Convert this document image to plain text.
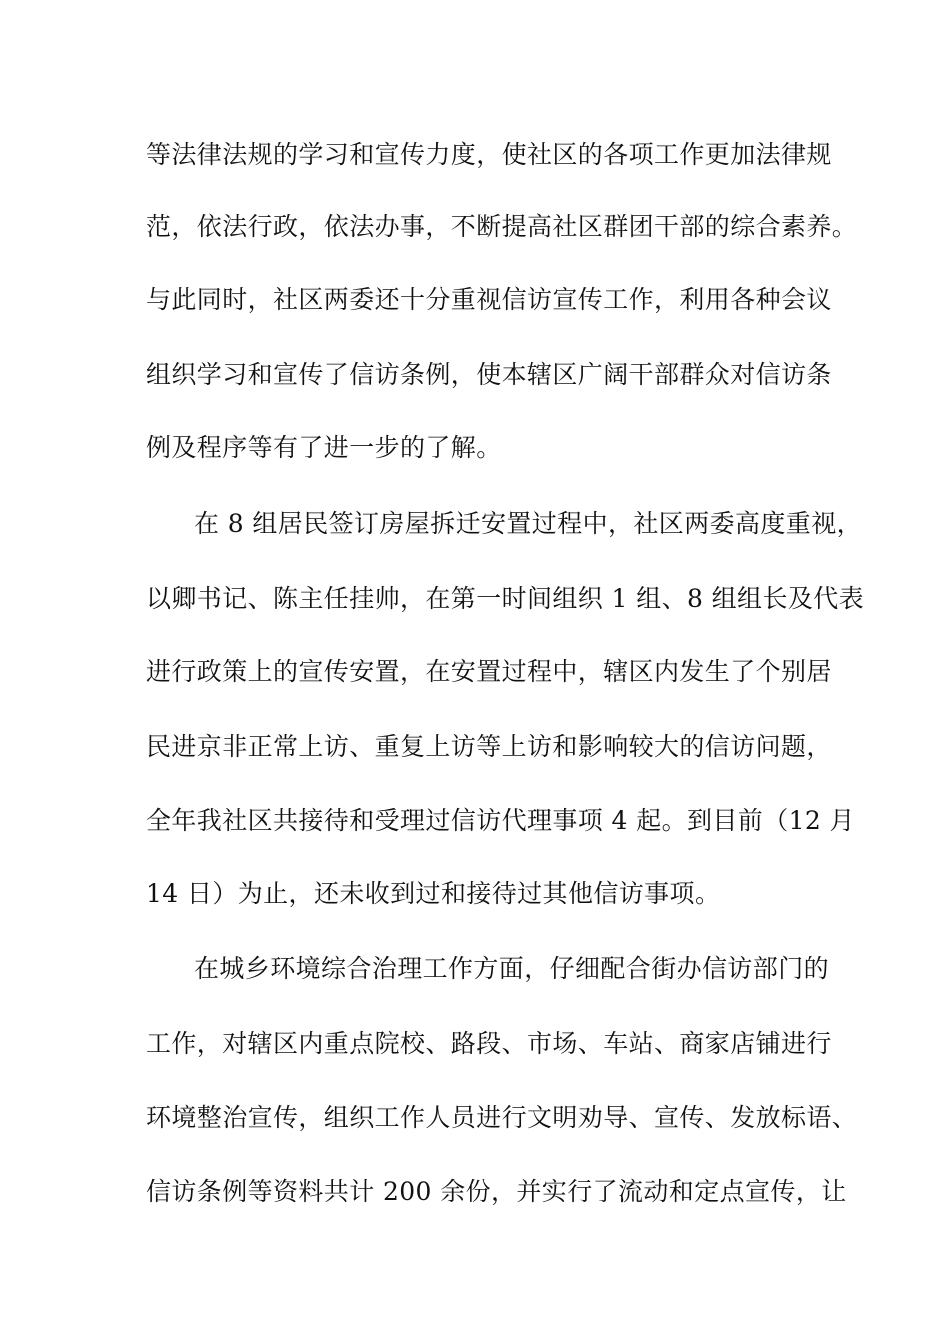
等法律法规的学习和宣传力度，使社区的各项工作更加法律规

范，依法行政，依法办事，不断提高社区群团干部的综合素养。

与此同时，社区两委还十分重视信访宣传工作，利用各种会议

组织学习和宣传了信访条例，使本辖区广阔干部群众对信访条

例及程序等有了进一步的了解。

在 8 组居民签订房屋拆迁安置过程中，社区两委高度重视，

以卿书记、陈主任挂帅，在第一时间组织 1 组、8 组组长及代表

进行政策上的宣传安置，在安置过程中，辖区内发生了个别居

民进京非正常上访、重复上访等上访和影响较大的信访问题，

全年我社区共接待和受理过信访代理事项 4 起。到目前（12 月

14 日）为止，还未收到过和接待过其他信访事项。

在城乡环境综合治理工作方面，仔细配合街办信访部门的

工作，对辖区内重点院校、路段、市场、车站、商家店铺进行

环境整治宣传，组织工作人员进行文明劝导、宣传、发放标语、

信访条例等资料共计 200 余份，并实行了流动和定点宣传，让
